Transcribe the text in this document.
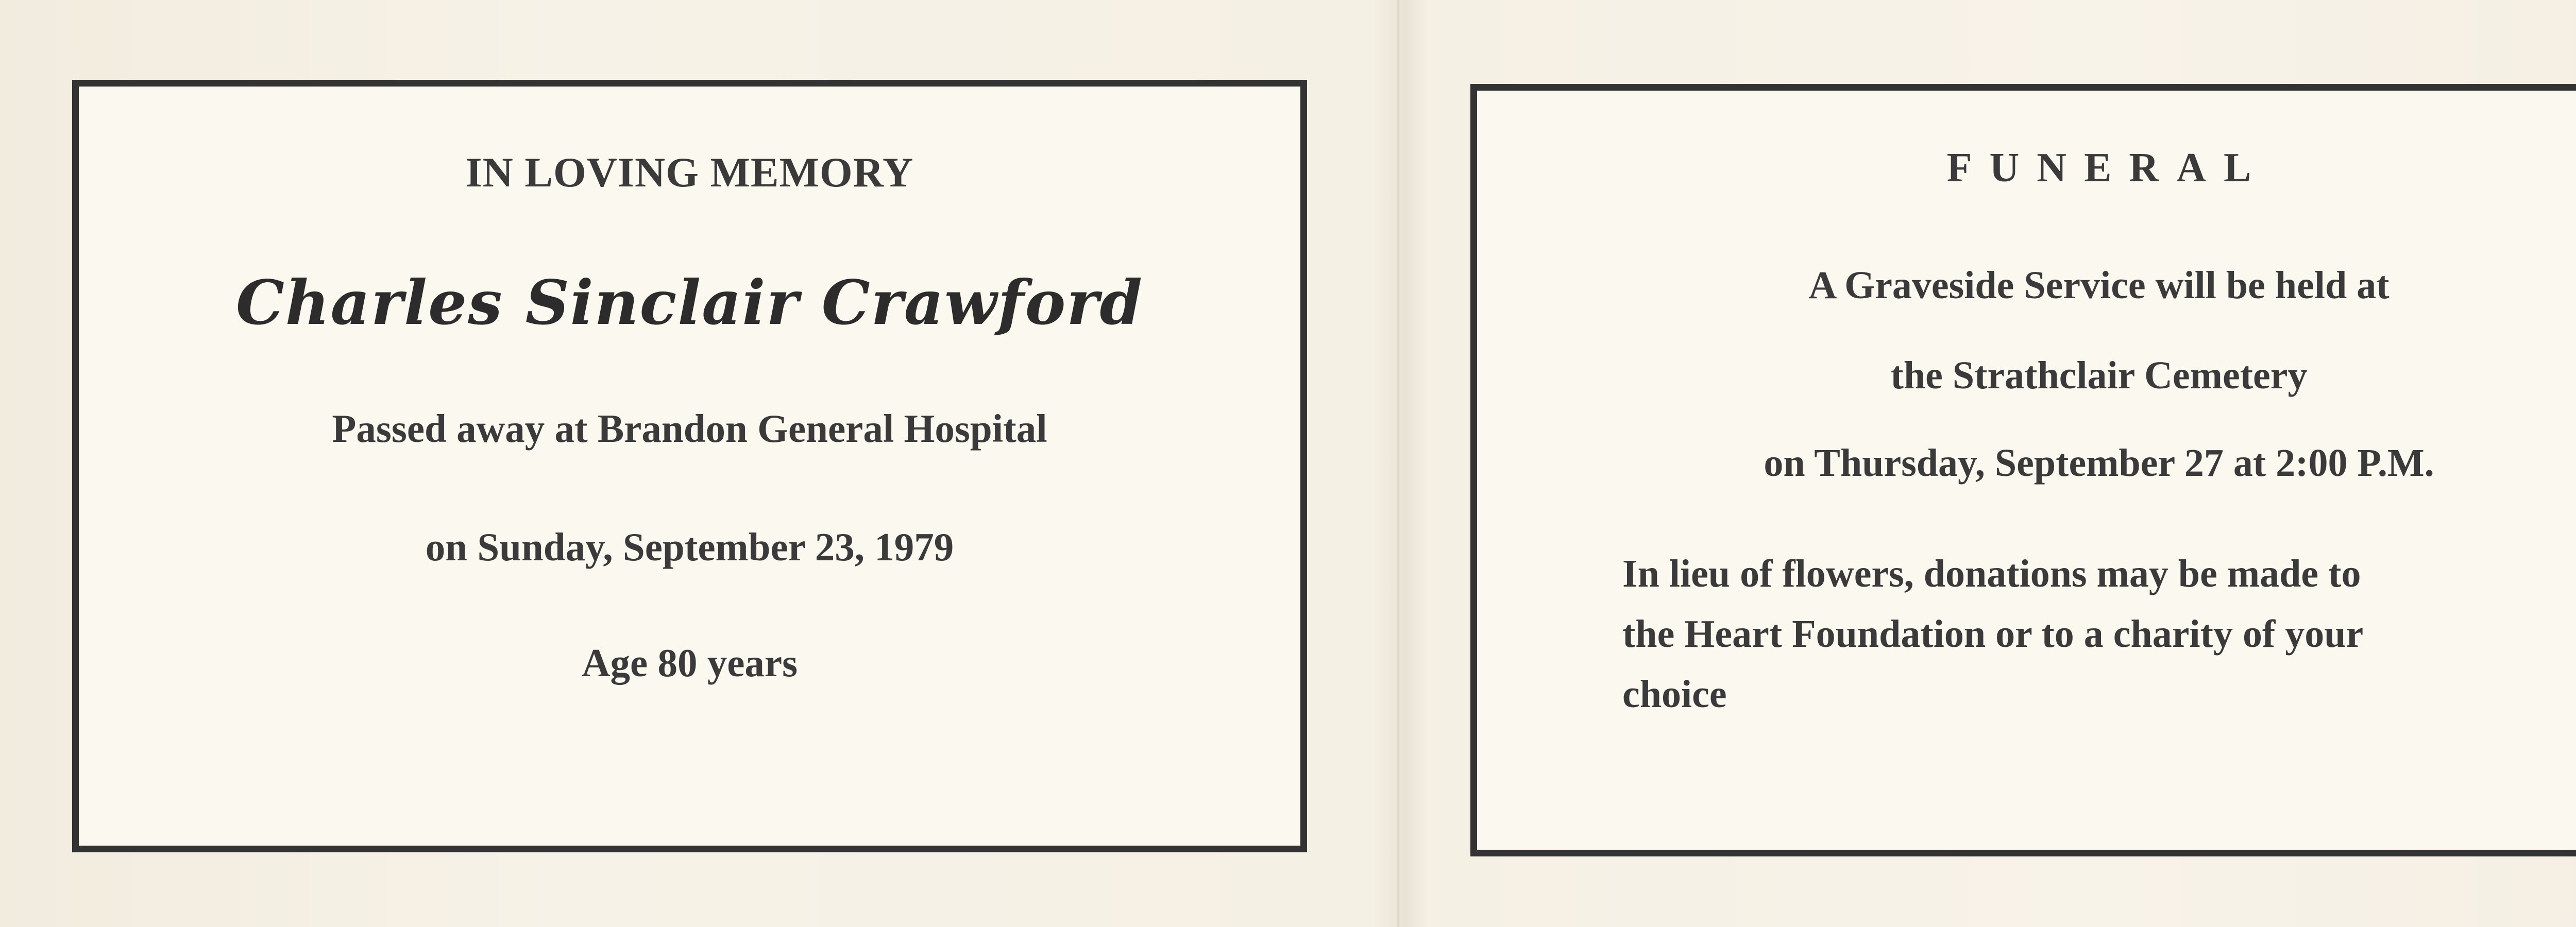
IN LOVING MEMORY
Charles Sinclair Crawford
Passed away at Brandon General Hospital
on Sunday, September 23, 1979
Age 80 years
FUNERAL
A Graveside Service will be held at
the Strathclair Cemetery
on Thursday, September 27 at 2:00 P.M.
In lieu of flowers, donations may be made to
the Heart Foundation or to a charity of your
choice
